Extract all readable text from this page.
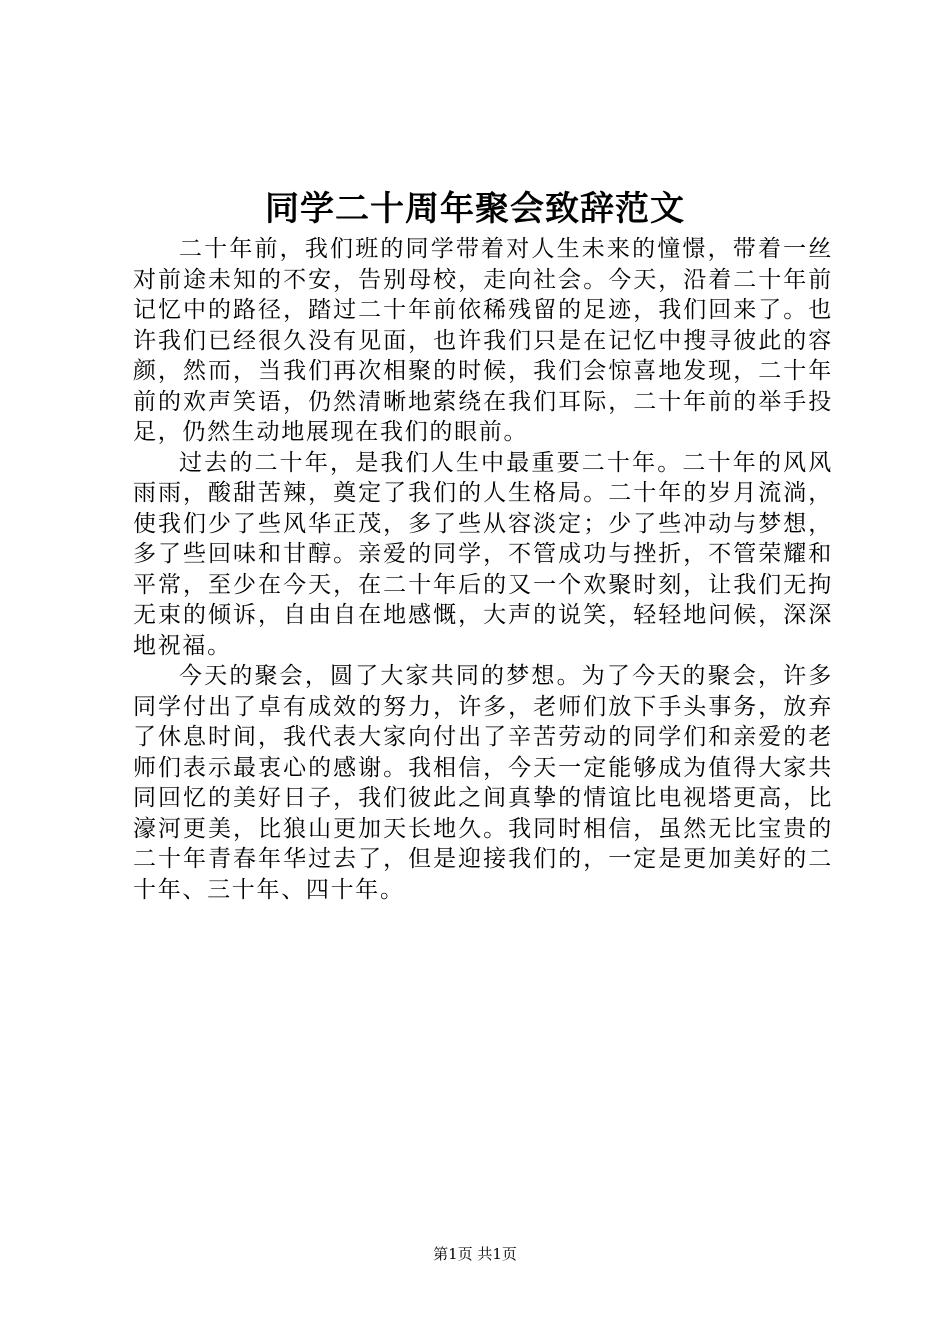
同学二十周年聚会致辞范文

二十年前，我们班的同学带着对人生未来的憧憬，带着一丝对前途未知的不安，告别母校，走向社会。今天，沿着二十年前记忆中的路径，踏过二十年前依稀残留的足迹，我们回来了。也许我们已经很久没有见面，也许我们只是在记忆中搜寻彼此的容颜，然而，当我们再次相聚的时候，我们会惊喜地发现，二十年前的欢声笑语，仍然清晰地萦绕在我们耳际，二十年前的举手投足，仍然生动地展现在我们的眼前。

过去的二十年，是我们人生中最重要二十年。二十年的风风雨雨，酸甜苦辣，奠定了我们的人生格局。二十年的岁月流淌，使我们少了些风华正茂，多了些从容淡定；少了些冲动与梦想，多了些回味和甘醇。亲爱的同学，不管成功与挫折，不管荣耀和平常，至少在今天，在二十年后的又一个欢聚时刻，让我们无拘无束的倾诉，自由自在地感慨，大声的说笑，轻轻地问候，深深地祝福。

今天的聚会，圆了大家共同的梦想。为了今天的聚会，许多同学付出了卓有成效的努力，许多，老师们放下手头事务，放弃了休息时间，我代表大家向付出了辛苦劳动的同学们和亲爱的老师们表示最衷心的感谢。我相信，今天一定能够成为值得大家共同回忆的美好日子，我们彼此之间真挚的情谊比电视塔更高，比濠河更美，比狼山更加天长地久。我同时相信，虽然无比宝贵的二十年青春年华过去了，但是迎接我们的，一定是更加美好的二十年、三十年、四十年。

第1页 共1页
